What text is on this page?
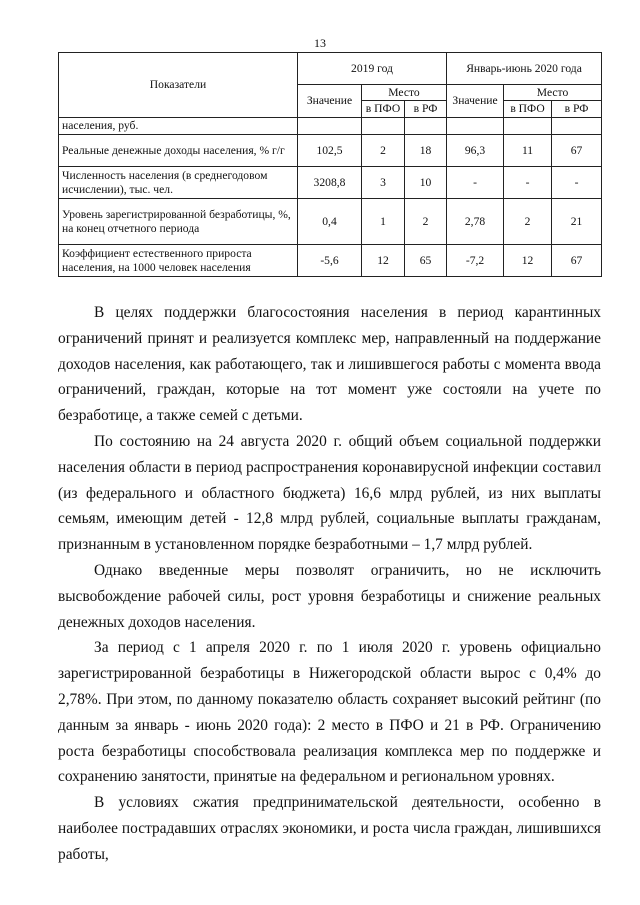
13
Показатели	2019 год			Январь-июнь 2020 года		
	Значение	Место		Значение	Место	
		в ПФО	в РФ		в ПФО	в РФ
населения, руб.						
Реальные денежные доходы населения, % г/г	102,5	2	18	96,3	11	67
Численность населения (в среднегодовом исчислении), тыс. чел.	3208,8	3	10	-	-	-
Уровень зарегистрированной безработицы, %, на конец отчетного периода	0,4	1	2	2,78	2	21
Коэффициент естественного прироста населения, на 1000 человек населения	-5,6	12	65	-7,2	12	67

В целях поддержки благосостояния населения в период карантинных ограничений принят и реализуется комплекс мер, направленный на поддержание доходов населения, как работающего, так и лишившегося работы с момента ввода ограничений, граждан, которые на тот момент уже состояли на учете по безработице, а также семей с детьми.

По состоянию на 24 августа 2020 г. общий объем социальной поддержки населения области в период распространения коронавирусной инфекции составил (из федерального и областного бюджета) 16,6 млрд рублей, из них выплаты семьям, имеющим детей - 12,8 млрд рублей, социальные выплаты гражданам, признанным в установленном порядке безработными – 1,7 млрд рублей.

Однако введенные меры позволят ограничить, но не исключить высвобождение рабочей силы, рост уровня безработицы и снижение реальных денежных доходов населения.

За период с 1 апреля 2020 г. по 1 июля 2020 г. уровень официально зарегистрированной безработицы в Нижегородской области вырос с 0,4% до 2,78%. При этом, по данному показателю область сохраняет высокий рейтинг (по данным за январь - июнь 2020 года): 2 место в ПФО и 21 в РФ. Ограничению роста безработицы способствовала реализация комплекса мер по поддержке и сохранению занятости, принятые на федеральном и региональном уровнях.

В условиях сжатия предпринимательской деятельности, особенно в наиболее пострадавших отраслях экономики, и роста числа граждан, лишившихся работы,
